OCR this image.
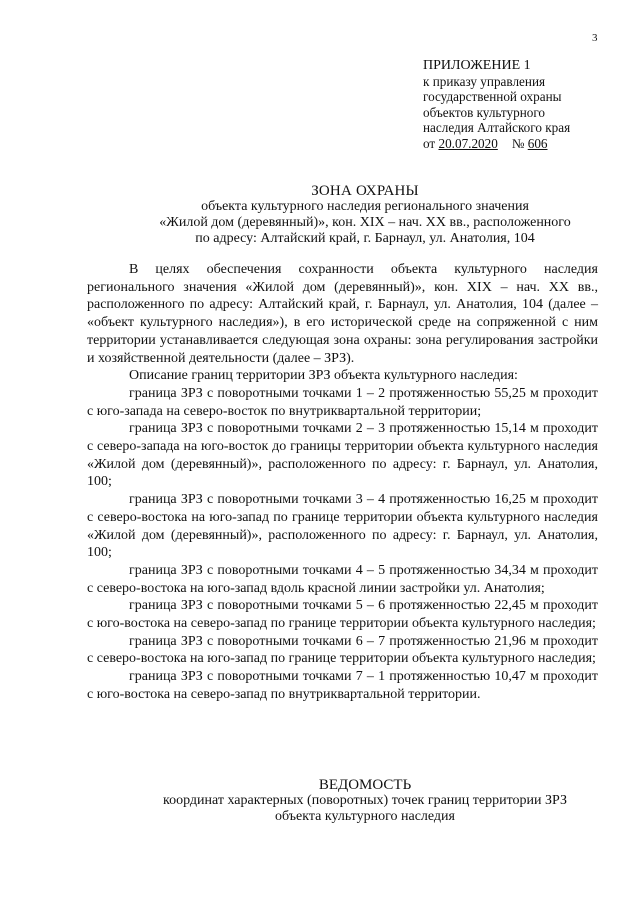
3
ПРИЛОЖЕНИЕ 1
к приказу управления
государственной охраны
объектов культурного
наследия Алтайского края
от 20.07.2020 № 606
ЗОНА ОХРАНЫ
объекта культурного наследия регионального значения
«Жилой дом (деревянный)», кон. XIX – нач. XX вв., расположенного
по адресу: Алтайский край, г. Барнаул, ул. Анатолия, 104

В целях обеспечения сохранности объекта культурного наследия регионального значения «Жилой дом (деревянный)», кон. XIX – нач. XX вв., расположенного по адресу: Алтайский край, г. Барнаул, ул. Анатолия, 104 (далее – «объект культурного наследия»), в его исторической среде на сопряженной с ним территории устанавливается следующая зона охраны: зона регулирования застройки и хозяйственной деятельности (далее – ЗРЗ).

Описание границ территории ЗРЗ объекта культурного наследия:

граница ЗРЗ с поворотными точками 1 – 2 протяженностью 55,25 м проходит с юго-запада на северо-восток по внутриквартальной территории;

граница ЗРЗ с поворотными точками 2 – 3 протяженностью 15,14 м проходит с северо-запада на юго-восток до границы территории объекта культурного наследия «Жилой дом (деревянный)», расположенного по адресу: г. Барнаул, ул. Анатолия, 100;

граница ЗРЗ с поворотными точками 3 – 4 протяженностью 16,25 м проходит с северо-востока на юго-запад по границе территории объекта культурного наследия «Жилой дом (деревянный)», расположенного по адресу: г. Барнаул, ул. Анатолия, 100;

граница ЗРЗ с поворотными точками 4 – 5 протяженностью 34,34 м проходит с северо-востока на юго-запад вдоль красной линии застройки ул. Анатолия;

граница ЗРЗ с поворотными точками 5 – 6 протяженностью 22,45 м проходит с юго-востока на северо-запад по границе территории объекта культурного наследия;

граница ЗРЗ с поворотными точками 6 – 7 протяженностью 21,96 м проходит с северо-востока на юго-запад по границе территории объекта культурного наследия;

граница ЗРЗ с поворотными точками 7 – 1 протяженностью 10,47 м проходит с юго-востока на северо-запад по внутриквартальной территории.

ВЕДОМОСТЬ
координат характерных (поворотных) точек границ территории ЗРЗ
объекта культурного наследия
